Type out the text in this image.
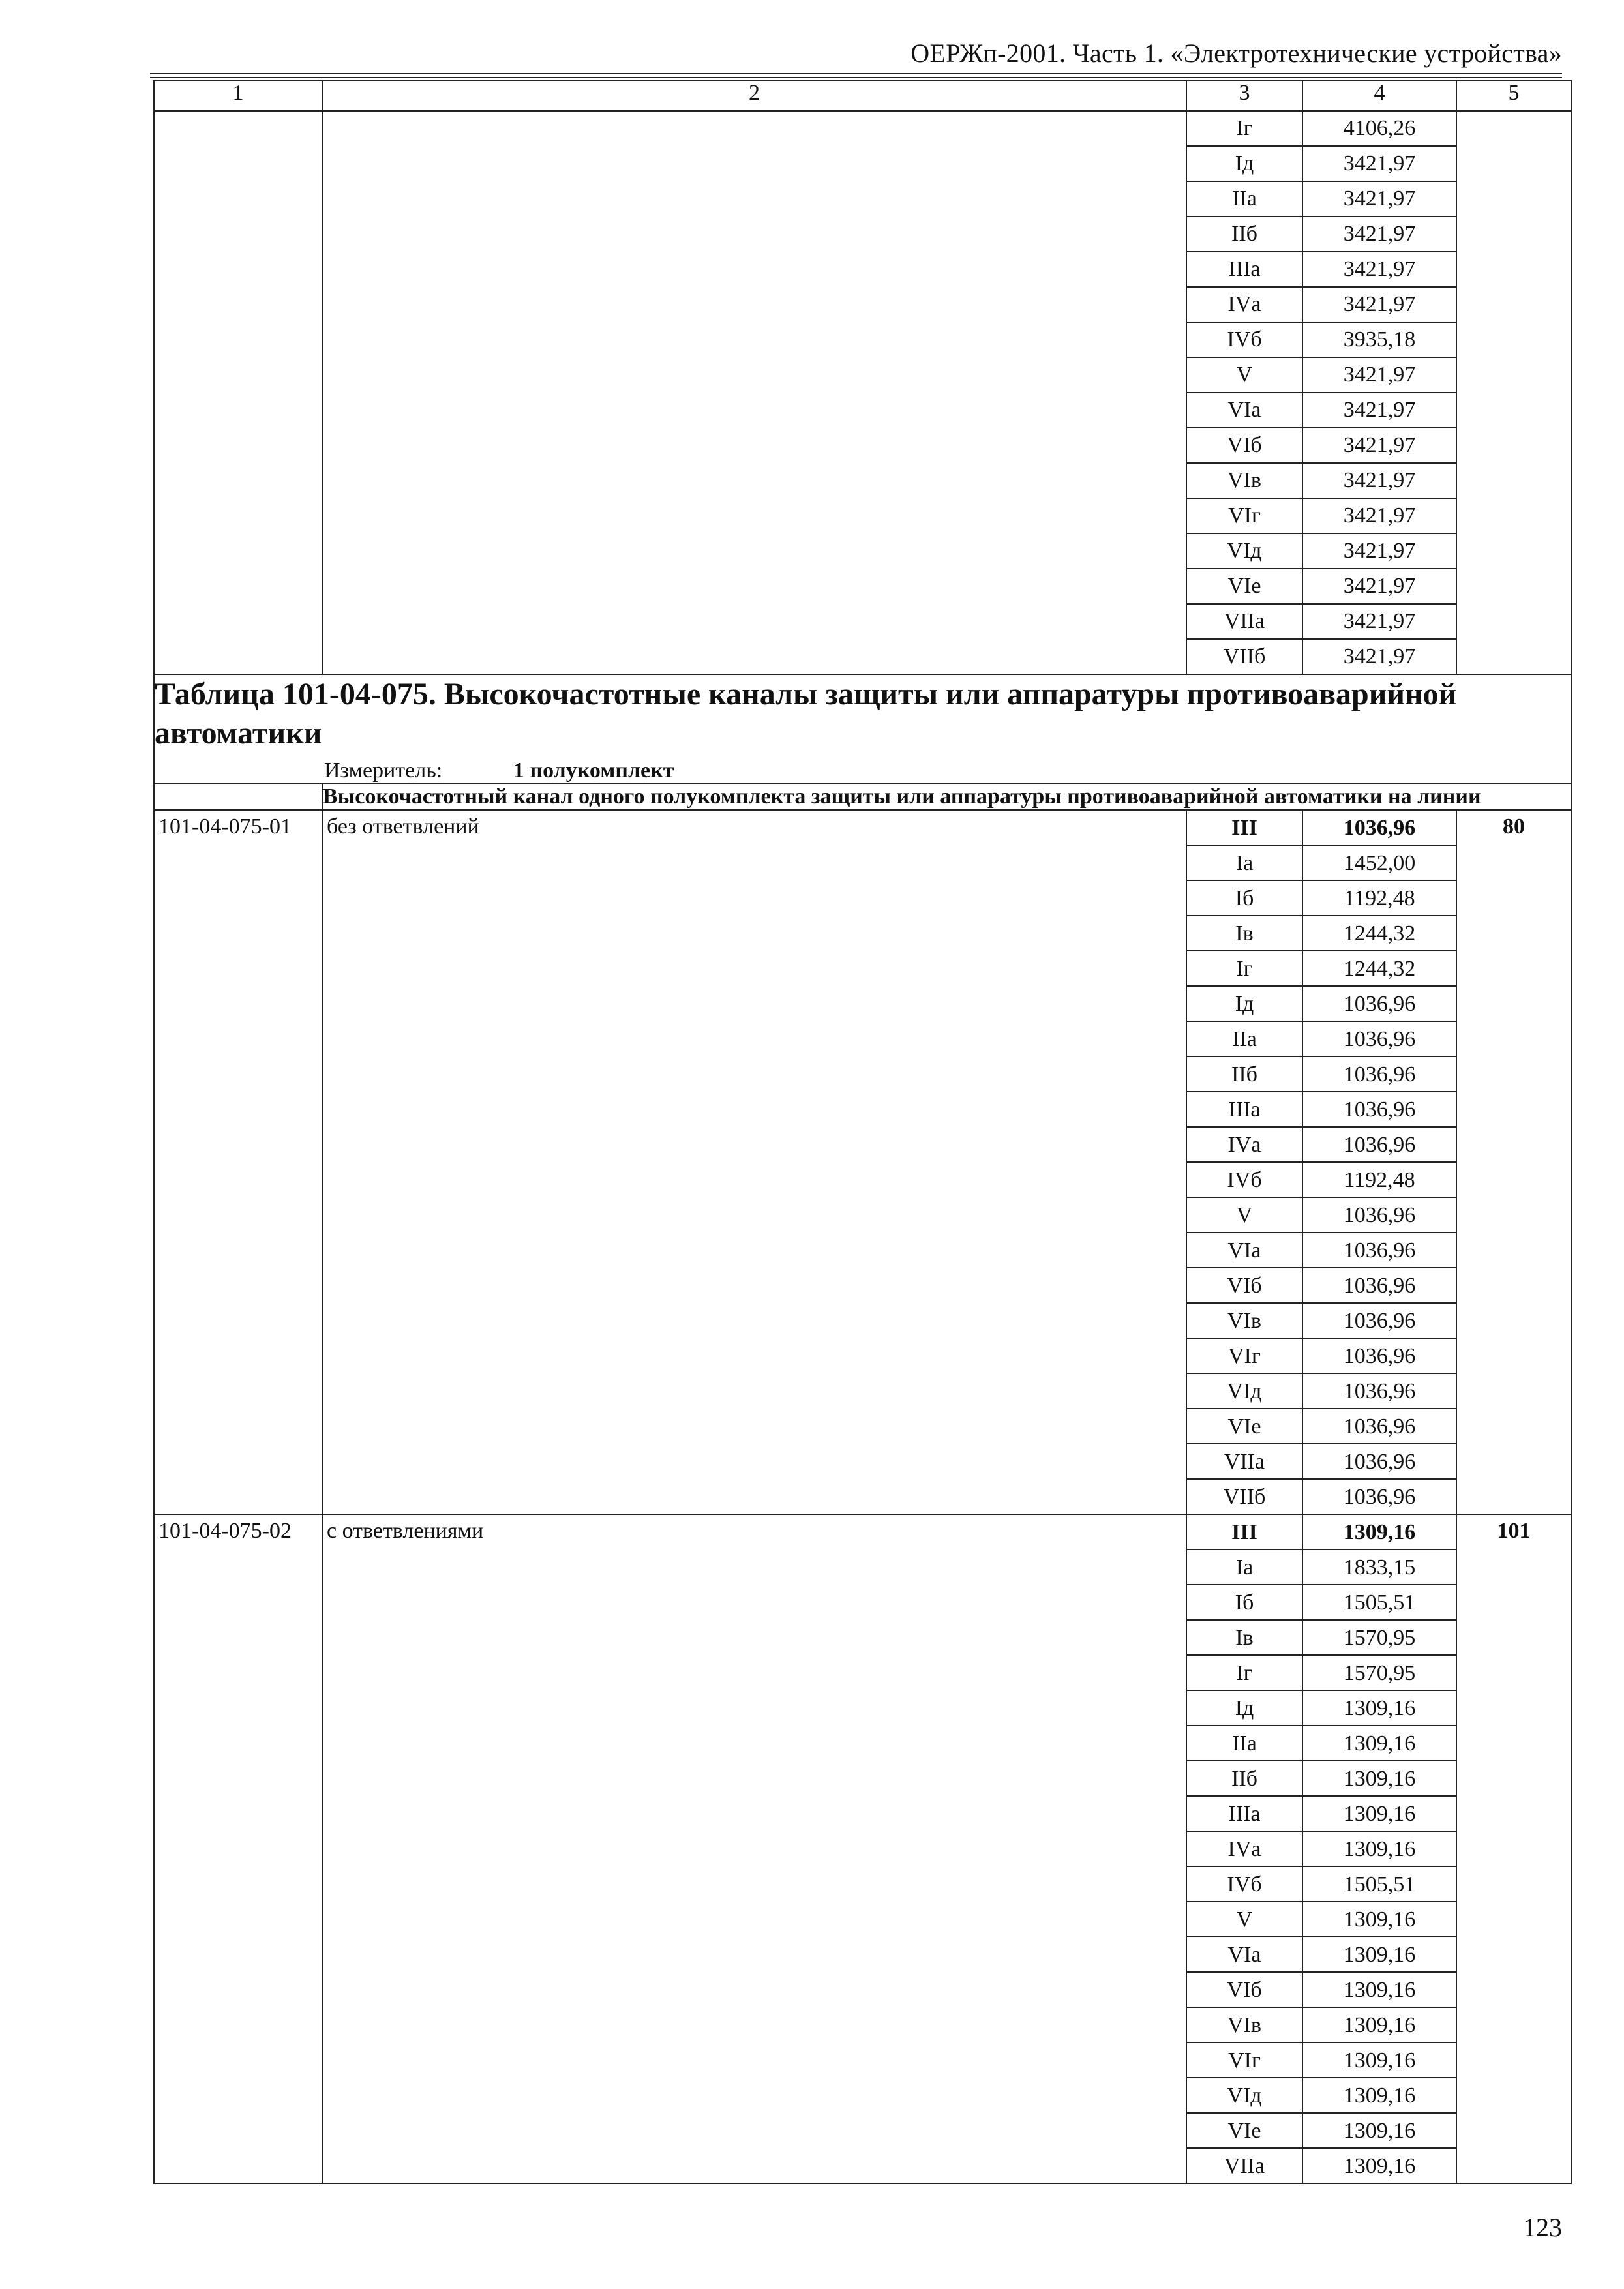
ОЕРЖп-2001. Часть 1. «Электротехнические устройства»
1	2	3	4	5
		Iг	4106,26	
		Iд	3421,97	
		IIа	3421,97	
		IIб	3421,97	
		IIIа	3421,97	
		IVа	3421,97	
		IVб	3935,18	
		V	3421,97	
		VIа	3421,97	
		VIб	3421,97	
		VIв	3421,97	
		VIг	3421,97	
		VIд	3421,97	
		VIе	3421,97	
		VIIа	3421,97	
		VIIб	3421,97	

Таблица 101-04-075. Высокочастотные каналы защиты или аппаратуры противоаварийной автоматики
Измеритель: 1 полукомплект				

	Высокочастотный канал одного полукомплекта защиты или аппаратуры противоаварийной автоматики на линии			

101-04-075-01	без ответвлений	III	1036,96	80
		Iа	1452,00	
		Iб	1192,48	
		Iв	1244,32	
		Iг	1244,32	
		Iд	1036,96	
		IIа	1036,96	
		IIб	1036,96	
		IIIа	1036,96	
		IVа	1036,96	
		IVб	1192,48	
		V	1036,96	
		VIа	1036,96	
		VIб	1036,96	
		VIв	1036,96	
		VIг	1036,96	
		VIд	1036,96	
		VIе	1036,96	
		VIIа	1036,96	
		VIIб	1036,96	
101-04-075-02	с ответвлениями	III	1309,16	101
		Iа	1833,15	
		Iб	1505,51	
		Iв	1570,95	
		Iг	1570,95	
		Iд	1309,16	
		IIа	1309,16	
		IIб	1309,16	
		IIIа	1309,16	
		IVа	1309,16	
		IVб	1505,51	
		V	1309,16	
		VIа	1309,16	
		VIб	1309,16	
		VIв	1309,16	
		VIг	1309,16	
		VIд	1309,16	
		VIе	1309,16	
		VIIа	1309,16	
123
